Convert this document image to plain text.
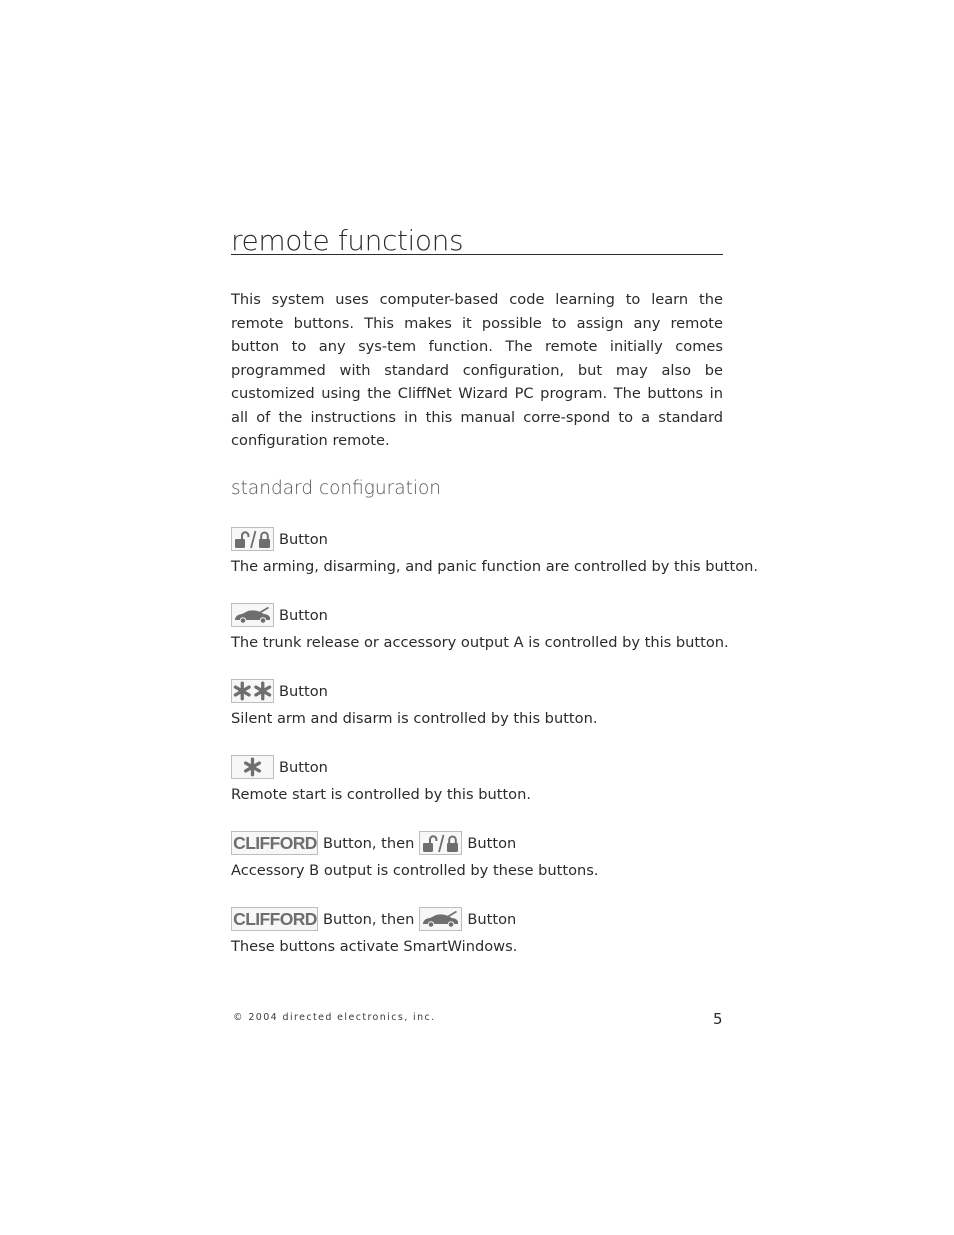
remote functions

This system uses computer-based code learning to learn the remote buttons. This makes it possible to assign any remote button to any sys-tem function. The remote initially comes programmed with standard configuration, but may also be customized using the CliffNet Wizard PC program. The buttons in all of the instructions in this manual corre-spond to a standard configuration remote.

standard configuration
Button
The arming, disarming, and panic function are controlled by this button.
Button
The trunk release or accessory output A is controlled by this button.
Button
Silent arm and disarm is controlled by this button.
Button
Remote start is controlled by this button.
CLIFFORD Button, then	Button
Accessory B output is controlled by these buttons.
CLIFFORD Button, then	Button
These buttons activate SmartWindows.
© 2004 directed electronics, inc.	5
